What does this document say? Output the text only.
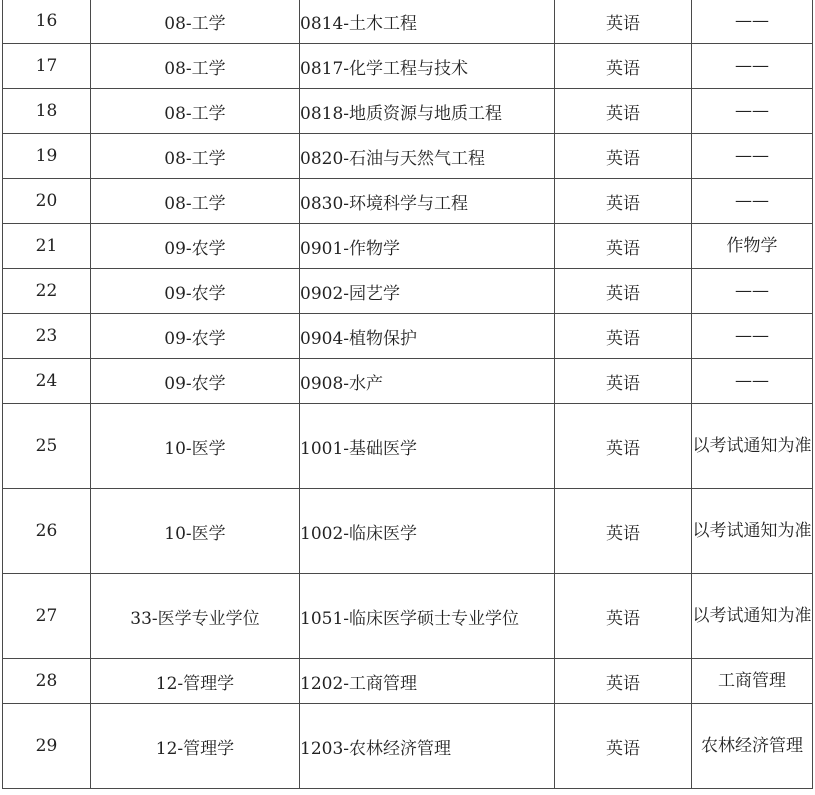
16	08-工学	0814-土木工程	英语	——
17	08-工学	0817-化学工程与技术	英语	——
18	08-工学	0818-地质资源与地质工程	英语	——
19	08-工学	0820-石油与天然气工程	英语	——
20	08-工学	0830-环境科学与工程	英语	——
21	09-农学	0901-作物学	英语	作物学
22	09-农学	0902-园艺学	英语	——
23	09-农学	0904-植物保护	英语	——
24	09-农学	0908-水产	英语	——
25	10-医学	1001-基础医学	英语	以考试通知为准
26	10-医学	1002-临床医学	英语	以考试通知为准
27	33-医学专业学位	1051-临床医学硕士专业学位	英语	以考试通知为准
28	12-管理学	1202-工商管理	英语	工商管理
29	12-管理学	1203-农林经济管理	英语	农林经济管理
